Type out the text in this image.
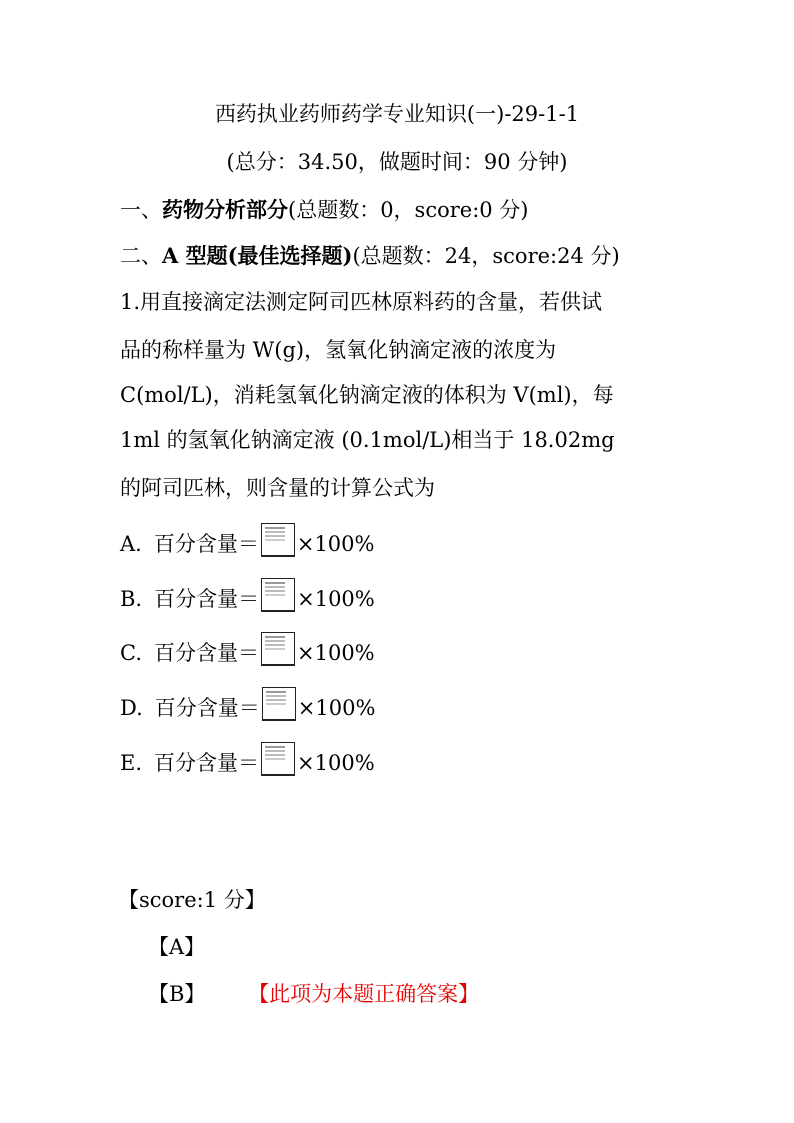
西药执业药师药学专业知识(一)-29-1-1
(总分：34.50，做题时间：90 分钟)
一、药物分析部分(总题数：0，score:0 分)
二、A 型题(最佳选择题)(总题数：24，score:24 分)
1.用直接滴定法测定阿司匹林原料药的含量，若供试
品的称样量为 W(g)，氢氧化钠滴定液的浓度为
C(mol/L)，消耗氢氧化钠滴定液的体积为 V(ml)，每
1ml 的氢氧化钠滴定液 (0.1mol/L)相当于 18.02mg
的阿司匹林，则含量的计算公式为
A. 百分含量＝ ×100%
B. 百分含量＝ ×100%
C. 百分含量＝ ×100%
D. 百分含量＝ ×100%
E. 百分含量＝ ×100%
【score:1 分】
【A】
【B】 【此项为本题正确答案】
